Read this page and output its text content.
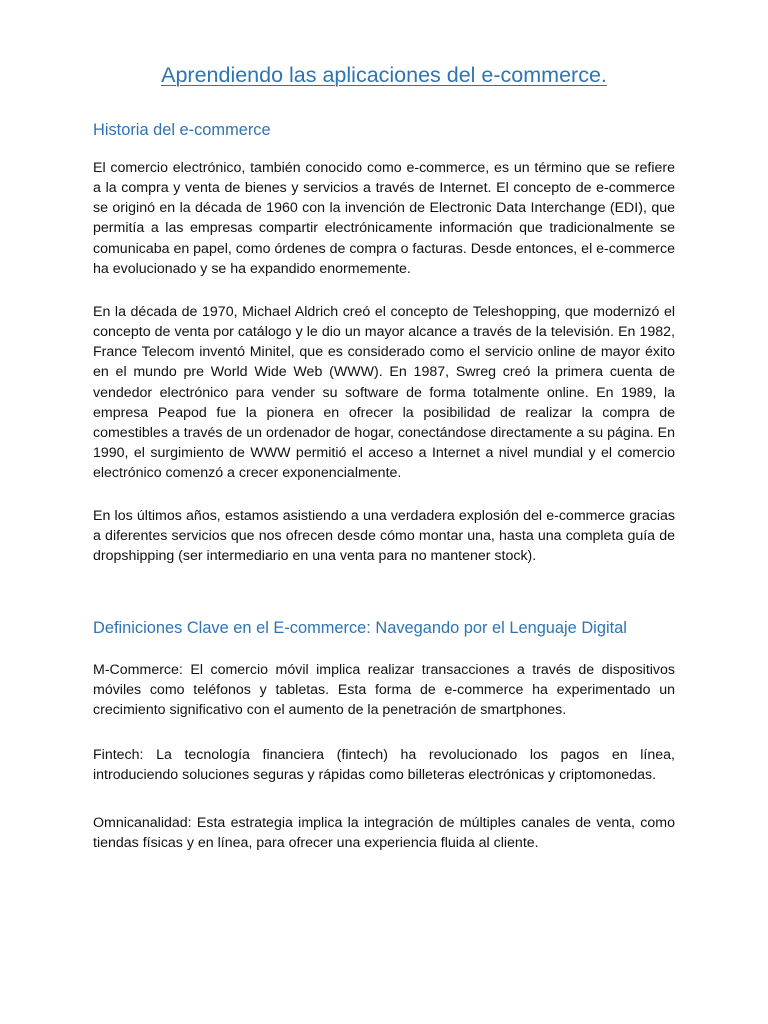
Aprendiendo las aplicaciones del e-commerce.
Historia del e-commerce

El comercio electrónico, también conocido como e-commerce, es un término que se refiere a la compra y venta de bienes y servicios a través de Internet. El concepto de e-commerce se originó en la década de 1960 con la invención de Electronic Data Interchange (EDI), que permitía a las empresas compartir electrónicamente información que tradicionalmente se comunicaba en papel, como órdenes de compra o facturas. Desde entonces, el e-commerce ha evolucionado y se ha expandido enormemente.

En la década de 1970, Michael Aldrich creó el concepto de Teleshopping, que modernizó el concepto de venta por catálogo y le dio un mayor alcance a través de la televisión. En 1982, France Telecom inventó Minitel, que es considerado como el servicio online de mayor éxito en el mundo pre World Wide Web (WWW). En 1987, Swreg creó la primera cuenta de vendedor electrónico para vender su software de forma totalmente online. En 1989, la empresa Peapod fue la pionera en ofrecer la posibilidad de realizar la compra de comestibles a través de un ordenador de hogar, conectándose directamente a su página. En 1990, el surgimiento de WWW permitió el acceso a Internet a nivel mundial y el comercio electrónico comenzó a crecer exponencialmente.

En los últimos años, estamos asistiendo a una verdadera explosión del e-commerce gracias a diferentes servicios que nos ofrecen desde cómo montar una, hasta una completa guía de dropshipping (ser intermediario en una venta para no mantener stock).

Definiciones Clave en el E-commerce: Navegando por el Lenguaje Digital

M-Commerce: El comercio móvil implica realizar transacciones a través de dispositivos móviles como teléfonos y tabletas. Esta forma de e-commerce ha experimentado un crecimiento significativo con el aumento de la penetración de smartphones.

Fintech: La tecnología financiera (fintech) ha revolucionado los pagos en línea, introduciendo soluciones seguras y rápidas como billeteras electrónicas y criptomonedas.

Omnicanalidad: Esta estrategia implica la integración de múltiples canales de venta, como tiendas físicas y en línea, para ofrecer una experiencia fluida al cliente.
